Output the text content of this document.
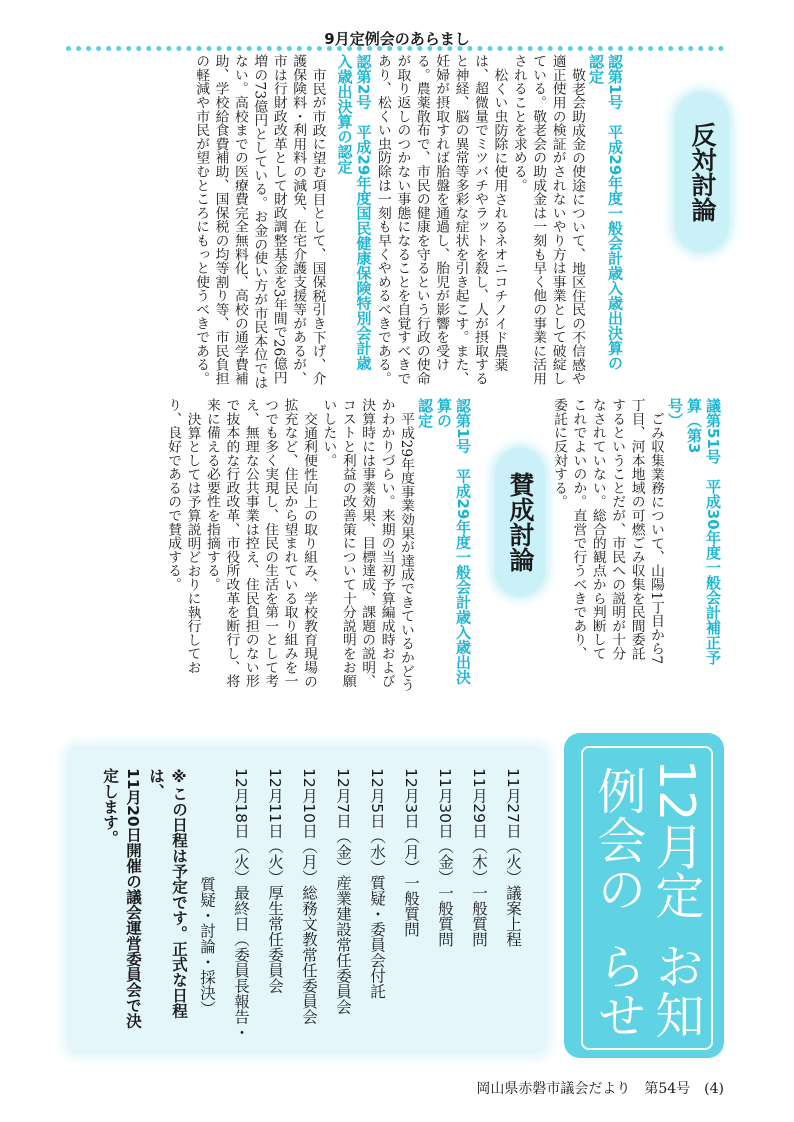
9月定例会のあらまし
反対討論
認第1号　平成29年度一般会計歳入歳出決算の
認定

敬老会助成金の使途について、地区住民の不信感や適正使用の検証がされないやり方は事業として破綻している。敬老会の助成金は一刻も早く他の事業に活用されることを求める。

松くい虫防除に使用されるネオニコチノイド農薬は、超微量でミツバチやラットを殺し、人が摂取すると神経、脳の異常等多彩な症状を引き起こす。また、妊婦が摂取すれば胎盤を通過し、胎児が影響を受ける。農薬散布で、市民の健康を守るという行政の使命が取り返しのつかない事態になることを自覚すべきであり、松くい虫防除は一刻も早くやめるべきである。

認第2号　平成29年度国民健康保険特別会計歳
入歳出決算の認定

市民が市政に望む項目として、国保税引き下げ、介護保険料・利用料の減免、在宅介護支援等があるが、市は行財政改革として財政調整基金を3年間で26億円増の73億円としている。お金の使い方が市民本位ではない。高校までの医療費完全無料化、高校の通学費補助、学校給食費補助、国保税の均等割り等、市民負担の軽減や市民が望むところにもっと使うべきである。

議第51号　平成30年度一般会計補正予算（第3
号）

ごみ収集業務について、山陽1丁目から7丁目、河本地域の可燃ごみ収集を民間委託するということだが、市民への説明が十分なされていない。総合的観点から判断してこれでよいのか。直営で行うべきであり、委託に反対する。

賛成討論
認第1号　平成29年度一般会計歳入歳出決算の
認定

平成29年度事業効果が達成できているかどうかわかりづらい。来期の当初予算編成時および決算時には事業効果、目標達成、課題の説明、コストと利益の改善策について十分説明をお願いしたい。

交通利便性向上の取り組み、学校教育現場の拡充など、住民から望まれている取り組みを一つでも多く実現し、住民の生活を第一として考え、無理な公共事業は控え、住民負担のない形で抜本的な行政改革、市役所改革を断行し、将来に備える必要性を指摘する。

決算としては予算説明どおりに執行しており、良好であるので賛成する。

11月27日（火）議案上程
11月29日（木）一般質問
11月30日（金）一般質問
12月3日（月）一般質問
12月5日（水）質疑・委員会付託
12月7日（金）産業建設常任委員会
12月10日（月）総務文教常任委員会
12月11日（火）厚生常任委員会
12月18日（火）最終日（委員長報告・
　　　　　　　質疑・討論・採決）
※この日程は予定です。正式な日程は、
11月20日開催の議会運営委員会で決
定します。	12月定例会の
お知らせ
岡山県赤磐市議会だより　第54号　(4)
